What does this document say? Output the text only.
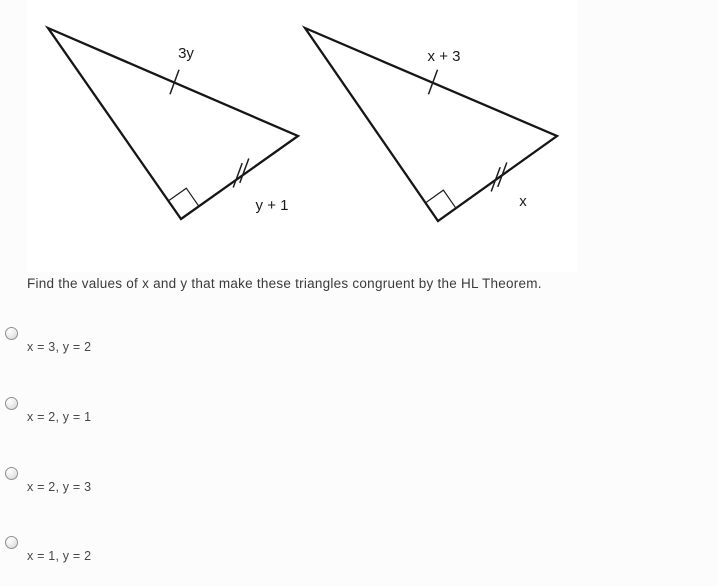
3y
y + 1
x + 3
x
Find the values of x and y that make these triangles congruent by the HL Theorem.
x = 3, y = 2
x = 2, y = 1
x = 2, y = 3
x = 1, y = 2
